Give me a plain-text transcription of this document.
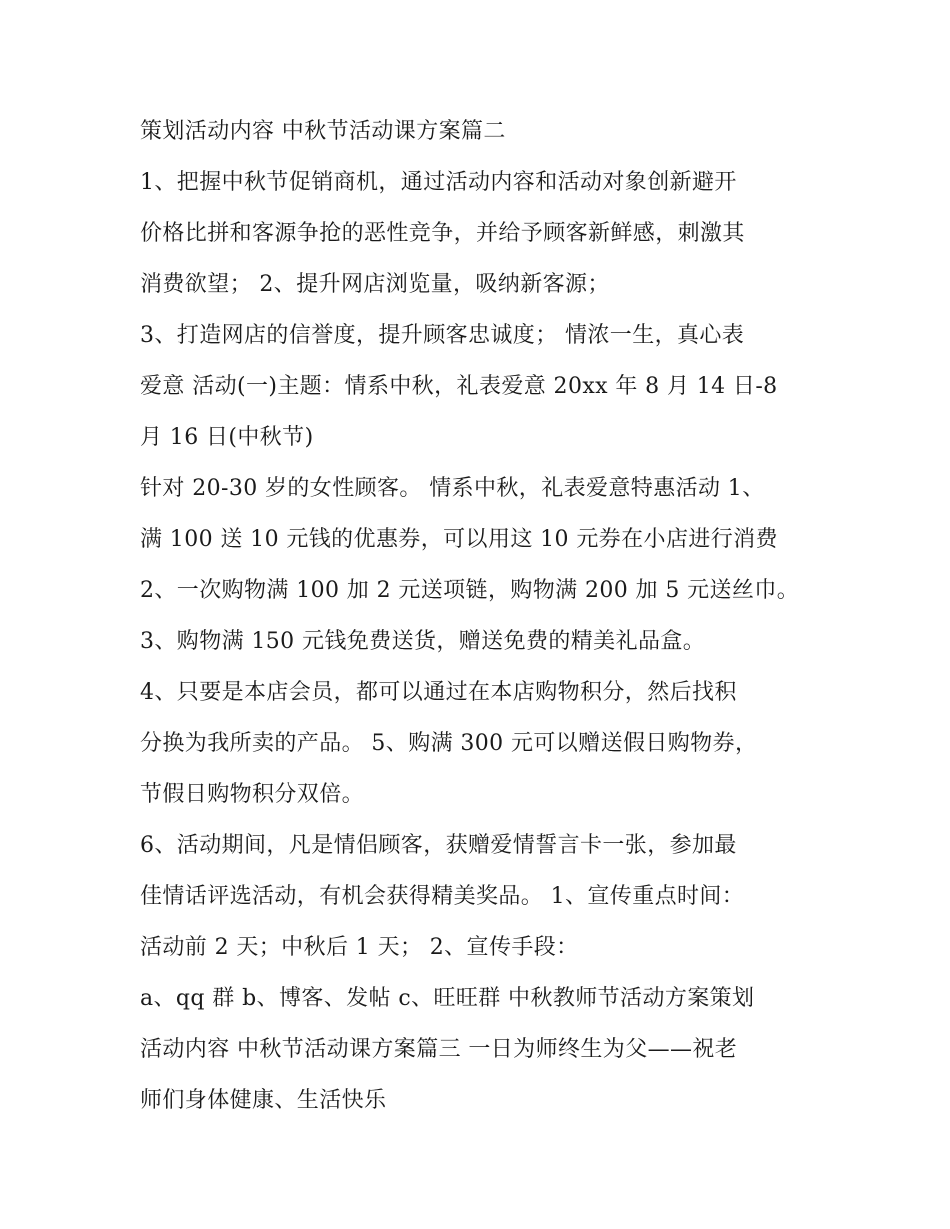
策划活动内容 中秋节活动课方案篇二
1、把握中秋节促销商机，通过活动内容和活动对象创新避开
价格比拼和客源争抢的恶性竞争，并给予顾客新鲜感，刺激其
消费欲望； 2、提升网店浏览量，吸纳新客源；
3、打造网店的信誉度，提升顾客忠诚度； 情浓一生，真心表
爱意 活动(一)主题：情系中秋，礼表爱意 20xx 年 8 月 14 日-8
月 16 日(中秋节)
针对 20-30 岁的女性顾客。 情系中秋，礼表爱意特惠活动 1、
满 100 送 10 元钱的优惠券，可以用这 10 元券在小店进行消费
2、一次购物满 100 加 2 元送项链，购物满 200 加 5 元送丝巾。
3、购物满 150 元钱免费送货，赠送免费的精美礼品盒。
4、只要是本店会员，都可以通过在本店购物积分，然后找积
分换为我所卖的产品。 5、购满 300 元可以赠送假日购物券，
节假日购物积分双倍。
6、活动期间，凡是情侣顾客，获赠爱情誓言卡一张，参加最
佳情话评选活动，有机会获得精美奖品。 1、宣传重点时间：
活动前 2 天；中秋后 1 天； 2、宣传手段：
a、qq 群 b、博客、发帖 c、旺旺群 中秋教师节活动方案策划
活动内容 中秋节活动课方案篇三 一日为师终生为父——祝老
师们身体健康、生活快乐
